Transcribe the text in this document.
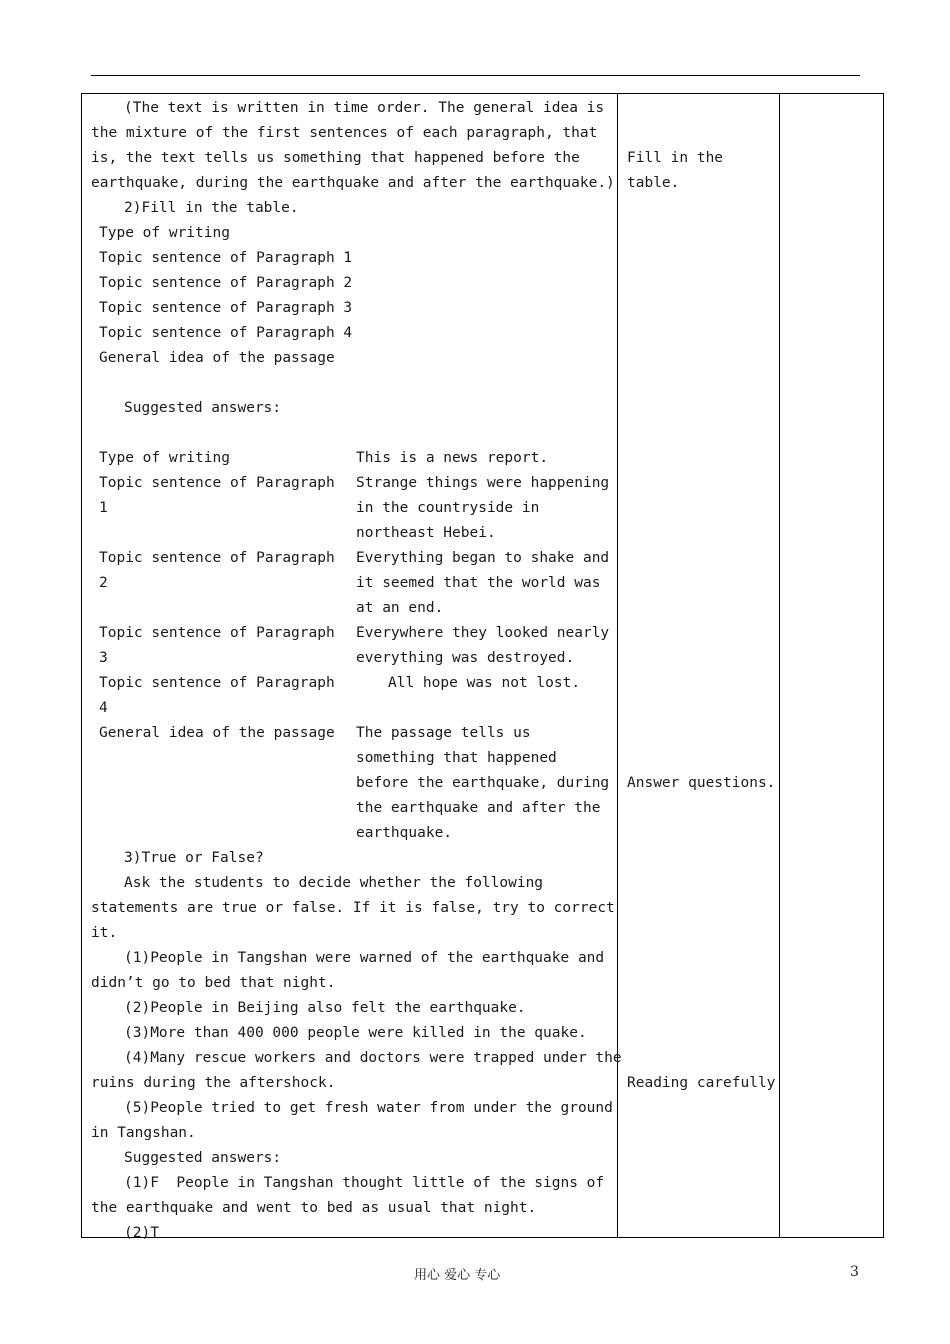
(The text is written in time order. The general idea is
the mixture of the first sentences of each paragraph, that
is, the text tells us something that happened before the
earthquake, during the earthquake and after the earthquake.)
2)Fill in the table.
Type of writing
Topic sentence of Paragraph 1
Topic sentence of Paragraph 2
Topic sentence of Paragraph 3
Topic sentence of Paragraph 4
General idea of the passage
Suggested answers:
Type of writing
Topic sentence of Paragraph
1
Topic sentence of Paragraph
2
Topic sentence of Paragraph
3
Topic sentence of Paragraph
4
General idea of the passage
This is a news report.
Strange things were happening
in the countryside in
northeast Hebei.
Everything began to shake and
it seemed that the world was
at an end.
Everywhere they looked nearly
everything was destroyed.
All hope was not lost.
The passage tells us
something that happened
before the earthquake, during
the earthquake and after the
earthquake.
3)True or False?
Ask the students to decide whether the following
statements are true or false. If it is false, try to correct
it.
(1)People in Tangshan were warned of the earthquake and
didn’t go to bed that night.
(2)People in Beijing also felt the earthquake.
(3)More than 400 000 people were killed in the quake.
(4)Many rescue workers and doctors were trapped under the
ruins during the aftershock.
(5)People tried to get fresh water from under the ground
in Tangshan.
Suggested answers:
(1)F  People in Tangshan thought little of the signs of
the earthquake and went to bed as usual that night.
(2)T
Fill in the
table.
Answer questions.
Reading carefully
用心 爱心 专心	3
